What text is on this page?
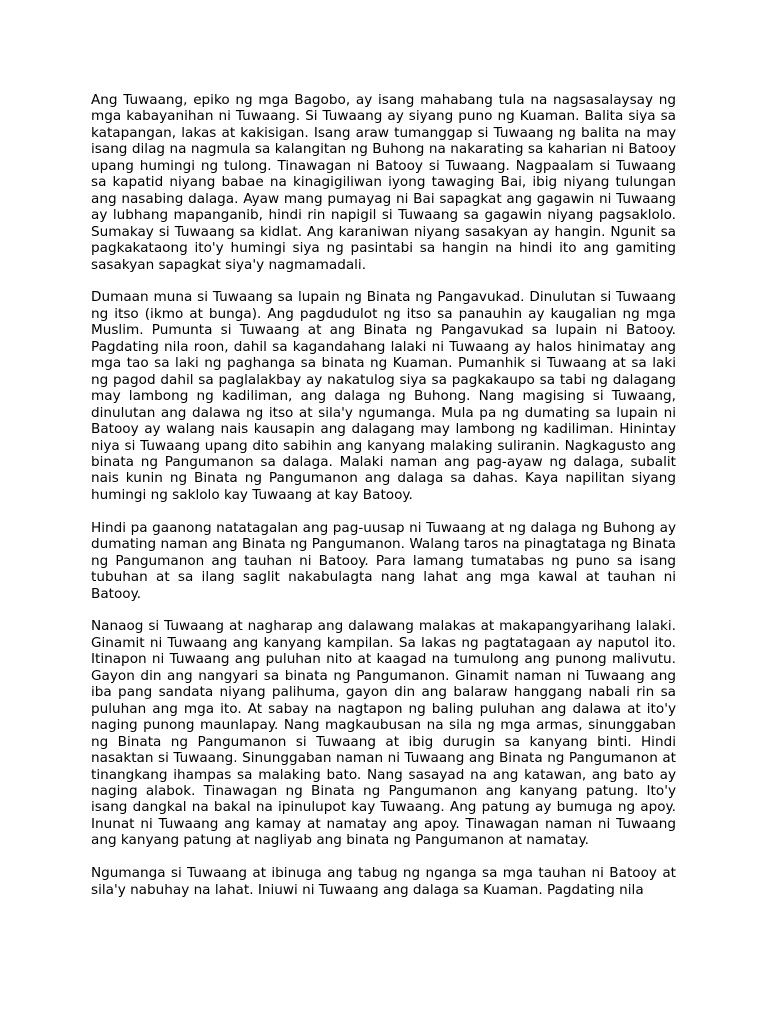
Ang Tuwaang, epiko ng mga Bagobo, ay isang mahabang tula na nagsasalaysay ng mga kabayanihan ni Tuwaang. Si Tuwaang ay siyang puno ng Kuaman. Balita siya sa katapangan, lakas at kakisigan. Isang araw tumanggap si Tuwaang ng balita na may isang dilag na nagmula sa kalangitan ng Buhong na nakarating sa kaharian ni Batooy upang humingi ng tulong. Tinawagan ni Batooy si Tuwaang. Nagpaalam si Tuwaang sa kapatid niyang babae na kinagigiliwan iyong tawaging Bai, ibig niyang tulungan ang nasabing dalaga. Ayaw mang pumayag ni Bai sapagkat ang gagawin ni Tuwaang ay lubhang mapanganib, hindi rin napigil si Tuwaang sa gagawin niyang pagsaklolo. Sumakay si Tuwaang sa kidlat. Ang karaniwan niyang sasakyan ay hangin. Ngunit sa pagkakataong ito'y humingi siya ng pasintabi sa hangin na hindi ito ang gamiting sasakyan sapagkat siya'y nagmamadali.

Dumaan muna si Tuwaang sa lupain ng Binata ng Pangavukad. Dinulutan si Tuwaang ng itso (ikmo at bunga). Ang pagdudulot ng itso sa panauhin ay kaugalian ng mga Muslim. Pumunta si Tuwaang at ang Binata ng Pangavukad sa lupain ni Batooy. Pagdating nila roon, dahil sa kagandahang lalaki ni Tuwaang ay halos hinimatay ang mga tao sa laki ng paghanga sa binata ng Kuaman. Pumanhik si Tuwaang at sa laki ng pagod dahil sa paglalakbay ay nakatulog siya sa pagkakaupo sa tabi ng dalagang may lambong ng kadiliman, ang dalaga ng Buhong. Nang magising si Tuwaang, dinulutan ang dalawa ng itso at sila'y ngumanga. Mula pa ng dumating sa lupain ni Batooy ay walang nais kausapin ang dalagang may lambong ng kadiliman. Hinintay niya si Tuwaang upang dito sabihin ang kanyang malaking suliranin. Nagkagusto ang binata ng Pangumanon sa dalaga. Malaki naman ang pag-ayaw ng dalaga, subalit nais kunin ng Binata ng Pangumanon ang dalaga sa dahas. Kaya napilitan siyang humingi ng saklolo kay Tuwaang at kay Batooy.

Hindi pa gaanong natatagalan ang pag-uusap ni Tuwaang at ng dalaga ng Buhong ay dumating naman ang Binata ng Pangumanon. Walang taros na pinagtataga ng Binata ng Pangumanon ang tauhan ni Batooy. Para lamang tumatabas ng puno sa isang tubuhan at sa ilang saglit nakabulagta nang lahat ang mga kawal at tauhan ni Batooy.

Nanaog si Tuwaang at nagharap ang dalawang malakas at makapangyarihang lalaki. Ginamit ni Tuwaang ang kanyang kampilan. Sa lakas ng pagtatagaan ay naputol ito. Itinapon ni Tuwaang ang puluhan nito at kaagad na tumulong ang punong malivutu. Gayon din ang nangyari sa binata ng Pangumanon. Ginamit naman ni Tuwaang ang iba pang sandata niyang palihuma, gayon din ang balaraw hanggang nabali rin sa puluhan ang mga ito. At sabay na nagtapon ng baling puluhan ang dalawa at ito'y naging punong maunlapay. Nang magkaubusan na sila ng mga armas, sinunggaban ng Binata ng Pangumanon si Tuwaang at ibig durugin sa kanyang binti. Hindi nasaktan si Tuwaang. Sinunggaban naman ni Tuwaang ang Binata ng Pangumanon at tinangkang ihampas sa malaking bato. Nang sasayad na ang katawan, ang bato ay naging alabok. Tinawagan ng Binata ng Pangumanon ang kanyang patung. Ito'y isang dangkal na bakal na ipinulupot kay Tuwaang. Ang patung ay bumuga ng apoy. Inunat ni Tuwaang ang kamay at namatay ang apoy. Tinawagan naman ni Tuwaang ang kanyang patung at nagliyab ang binata ng Pangumanon at namatay.

Ngumanga si Tuwaang at ibinuga ang tabug ng nganga sa mga tauhan ni Batooy at sila'y nabuhay na lahat. Iniuwi ni Tuwaang ang dalaga sa Kuaman. Pagdating nila
